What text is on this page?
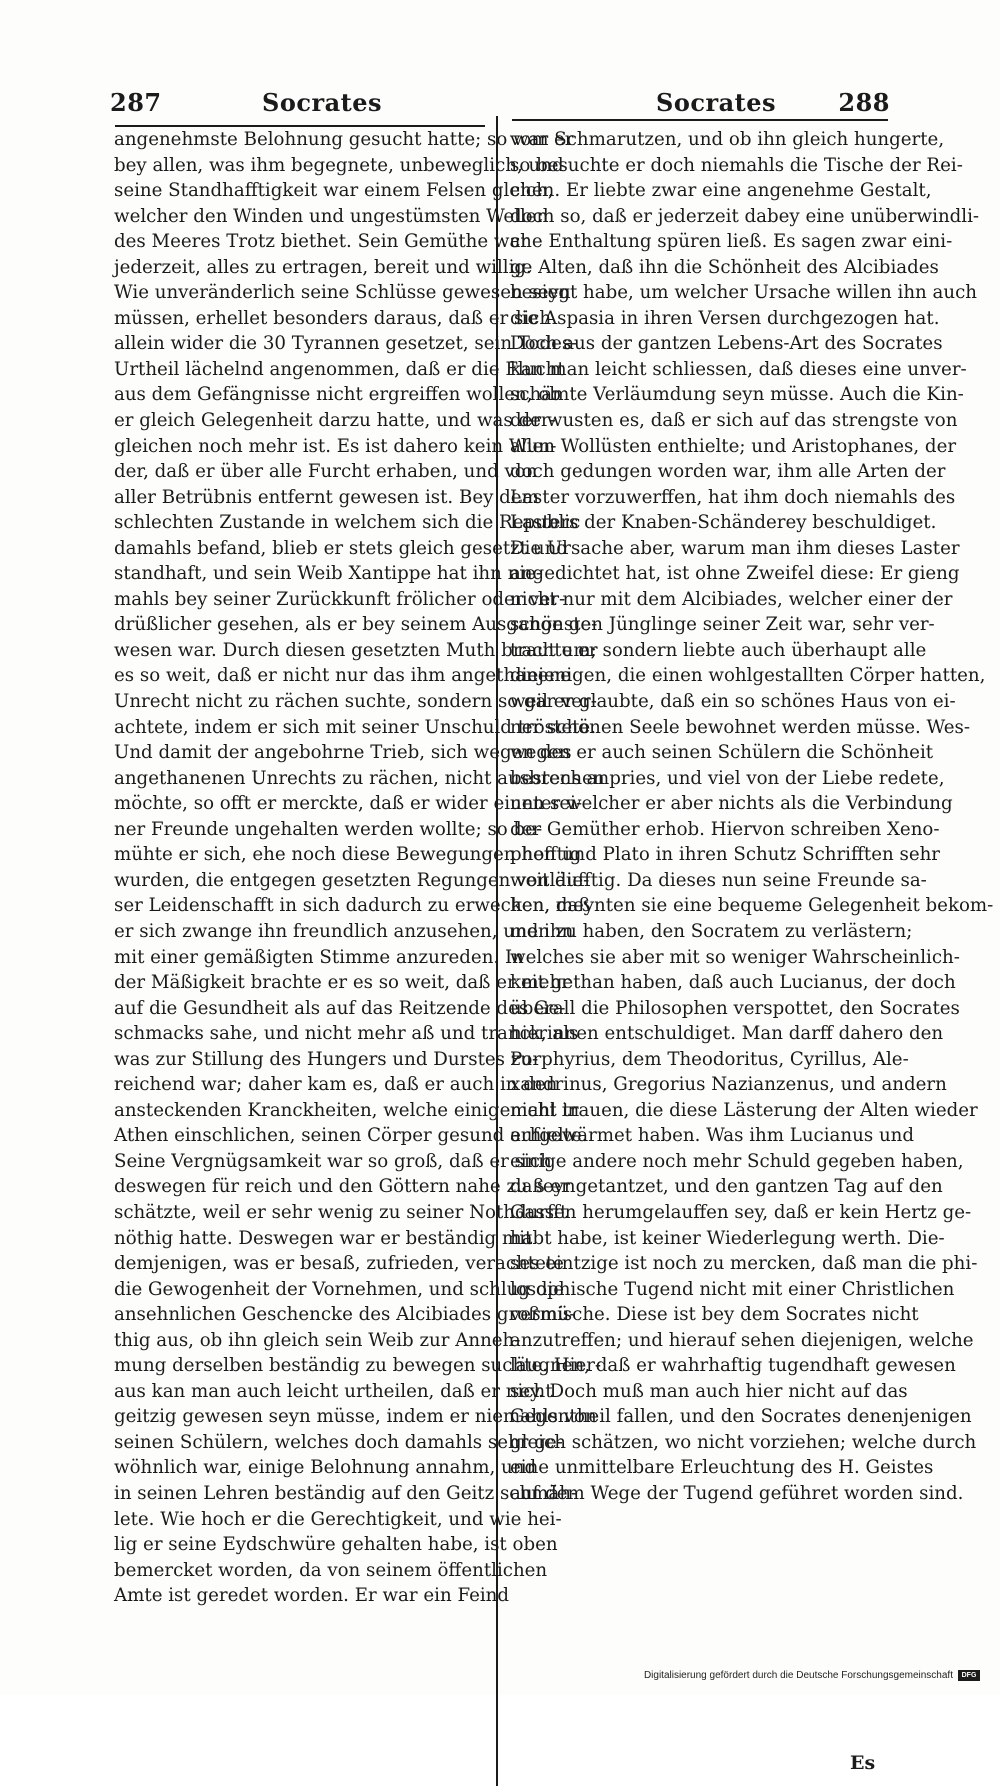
287	Socrates	Socrates	288
angenehmste Belohnung gesucht hatte; so war er
bey allen, was ihm begegnete, unbeweglich, und
seine Standhafftigkeit war einem Felsen gleich,
welcher den Winden und ungestümsten Wellen
des Meeres Trotz biethet. Sein Gemüthe war
jederzeit, alles zu ertragen, bereit und willig.
Wie unveränderlich seine Schlüsse gewesen seyn
müssen, erhellet besonders daraus, daß er sich
allein wider die 30 Tyrannen gesetzet, sein Todes-
Urtheil lächelnd angenommen, daß er die Flucht
aus dem Gefängnisse nicht ergreiffen wollen, ob
er gleich Gelegenheit darzu hatte, und was der-
gleichen noch mehr ist. Es ist dahero kein Wun-
der, daß er über alle Furcht erhaben, und von
aller Betrübnis entfernt gewesen ist. Bey dem
schlechten Zustande in welchem sich die Republic
damahls befand, blieb er stets gleich gesetzt und
standhaft, und sein Weib Xantippe hat ihn nie-
mahls bey seiner Zurückkunft frölicher oder ver-
drüßlicher gesehen, als er bey seinem Ausgange ge-
wesen war. Durch diesen gesetzten Muth brachte er
es so weit, daß er nicht nur das ihm angethanene
Unrecht nicht zu rächen suchte, sondern so gar ver-
achtete, indem er sich mit seiner Unschuld tröstete.
Und damit der angebohrne Trieb, sich wegen des
angethanenen Unrechts zu rächen, nicht ausbrechen
möchte, so offt er merckte, daß er wider einen sei-
ner Freunde ungehalten werden wollte; so be-
mühte er sich, ehe noch diese Bewegungen hefftig
wurden, die entgegen gesetzten Regungen von die-
ser Leidenschafft in sich dadurch zu erwecken, daß
er sich zwange ihn freundlich anzusehen, und ihn
mit einer gemäßigten Stimme anzureden. In
der Mäßigkeit brachte er es so weit, daß er mehr
auf die Gesundheit als auf das Reitzende des Ge-
schmacks sahe, und nicht mehr aß und tranck, als
was zur Stillung des Hungers und Durstes zu-
reichend war; daher kam es, daß er auch in den
ansteckenden Kranckheiten, welche einigemahl in
Athen einschlichen, seinen Cörper gesund erhielte.
Seine Vergnügsamkeit war so groß, daß er sich
deswegen für reich und den Göttern nahe zu seyn
schätzte, weil er sehr wenig zu seiner Nothdurfft
nöthig hatte. Deswegen war er beständig mit
demjenigen, was er besaß, zufrieden, verachtete
die Gewogenheit der Vornehmen, und schlug die
ansehnlichen Geschencke des Alcibiades großmü-
thig aus, ob ihn gleich sein Weib zur Anneh-
mung derselben beständig zu bewegen suchte. Hier-
aus kan man auch leicht urtheilen, daß er nicht
geitzig gewesen seyn müsse, indem er niemahls von
seinen Schülern, welches doch damahls sehr ge-
wöhnlich war, einige Belohnung annahm, und
in seinen Lehren beständig auf den Geitz schmäh-
lete. Wie hoch er die Gerechtigkeit, und wie hei-
lig er seine Eydschwüre gehalten habe, ist oben
bemercket worden, da von seinem öffentlichen
Amte ist geredet worden. Er war ein Feind
vom Schmarutzen, und ob ihn gleich hungerte,
so besuchte er doch niemahls die Tische der Rei-
chen. Er liebte zwar eine angenehme Gestalt,
doch so, daß er jederzeit dabey eine unüberwindli-
che Enthaltung spüren ließ. Es sagen zwar eini-
ge Alten, daß ihn die Schönheit des Alcibiades
besiegt habe, um welcher Ursache willen ihn auch
die Aspasia in ihren Versen durchgezogen hat.
Doch aus der gantzen Lebens-Art des Socrates
kan man leicht schliessen, daß dieses eine unver-
schämte Verläumdung seyn müsse. Auch die Kin-
der wusten es, daß er sich auf das strengste von
allen Wollüsten enthielte; und Aristophanes, der
doch gedungen worden war, ihm alle Arten der
Laster vorzuwerffen, hat ihm doch niemahls des
Lasters der Knaben-Schänderey beschuldiget.
Die Ursache aber, warum man ihm dieses Laster
angedichtet hat, ist ohne Zweifel diese: Er gieng
nicht nur mit dem Alcibiades, welcher einer der
schönsten Jünglinge seiner Zeit war, sehr ver-
traut um; sondern liebte auch überhaupt alle
diejenigen, die einen wohlgestallten Cörper hatten,
weil er glaubte, daß ein so schönes Haus von ei-
ner schönen Seele bewohnet werden müsse. Wes-
wegen er auch seinen Schülern die Schönheit
bestens anpries, und viel von der Liebe redete,
unter welcher er aber nichts als die Verbindung
der Gemüther erhob. Hiervon schreiben Xeno-
phon und Plato in ihren Schutz Schrifften sehr
weitläufftig. Da dieses nun seine Freunde sa-
hen, meynten sie eine bequeme Gelegenheit bekom-
men zu haben, den Socratem zu verlästern;
welches sie aber mit so weniger Wahrscheinlich-
keit gethan haben, daß auch Lucianus, der doch
überall die Philosophen verspottet, den Socrates
hierinnen entschuldiget. Man darff dahero den
Porphyrius, dem Theodoritus, Cyrillus, Ale-
xandrinus, Gregorius Nazianzenus, und andern
nicht trauen, die diese Lästerung der Alten wieder
aufgewärmet haben. Was ihm Lucianus und
einige andere noch mehr Schuld gegeben haben,
daß er getantzet, und den gantzen Tag auf den
Gassen herumgelauffen sey, daß er kein Hertz ge-
habt habe, ist keiner Wiederlegung werth. Die-
ses eintzige ist noch zu mercken, daß man die phi-
losophische Tugend nicht mit einer Christlichen
vermische. Diese ist bey dem Socrates nicht
anzutreffen; und hierauf sehen diejenigen, welche
läugnen, daß er wahrhaftig tugendhaft gewesen
sey. Doch muß man auch hier nicht auf das
Gegentheil fallen, und den Socrates denenjenigen
gleich schätzen, wo nicht vorziehen; welche durch
eine unmittelbare Erleuchtung des H. Geistes
auf dem Wege der Tugend geführet worden sind.
Es
Digitalisierung gefördert durch die Deutsche Forschungsgemeinschaft	DFG
